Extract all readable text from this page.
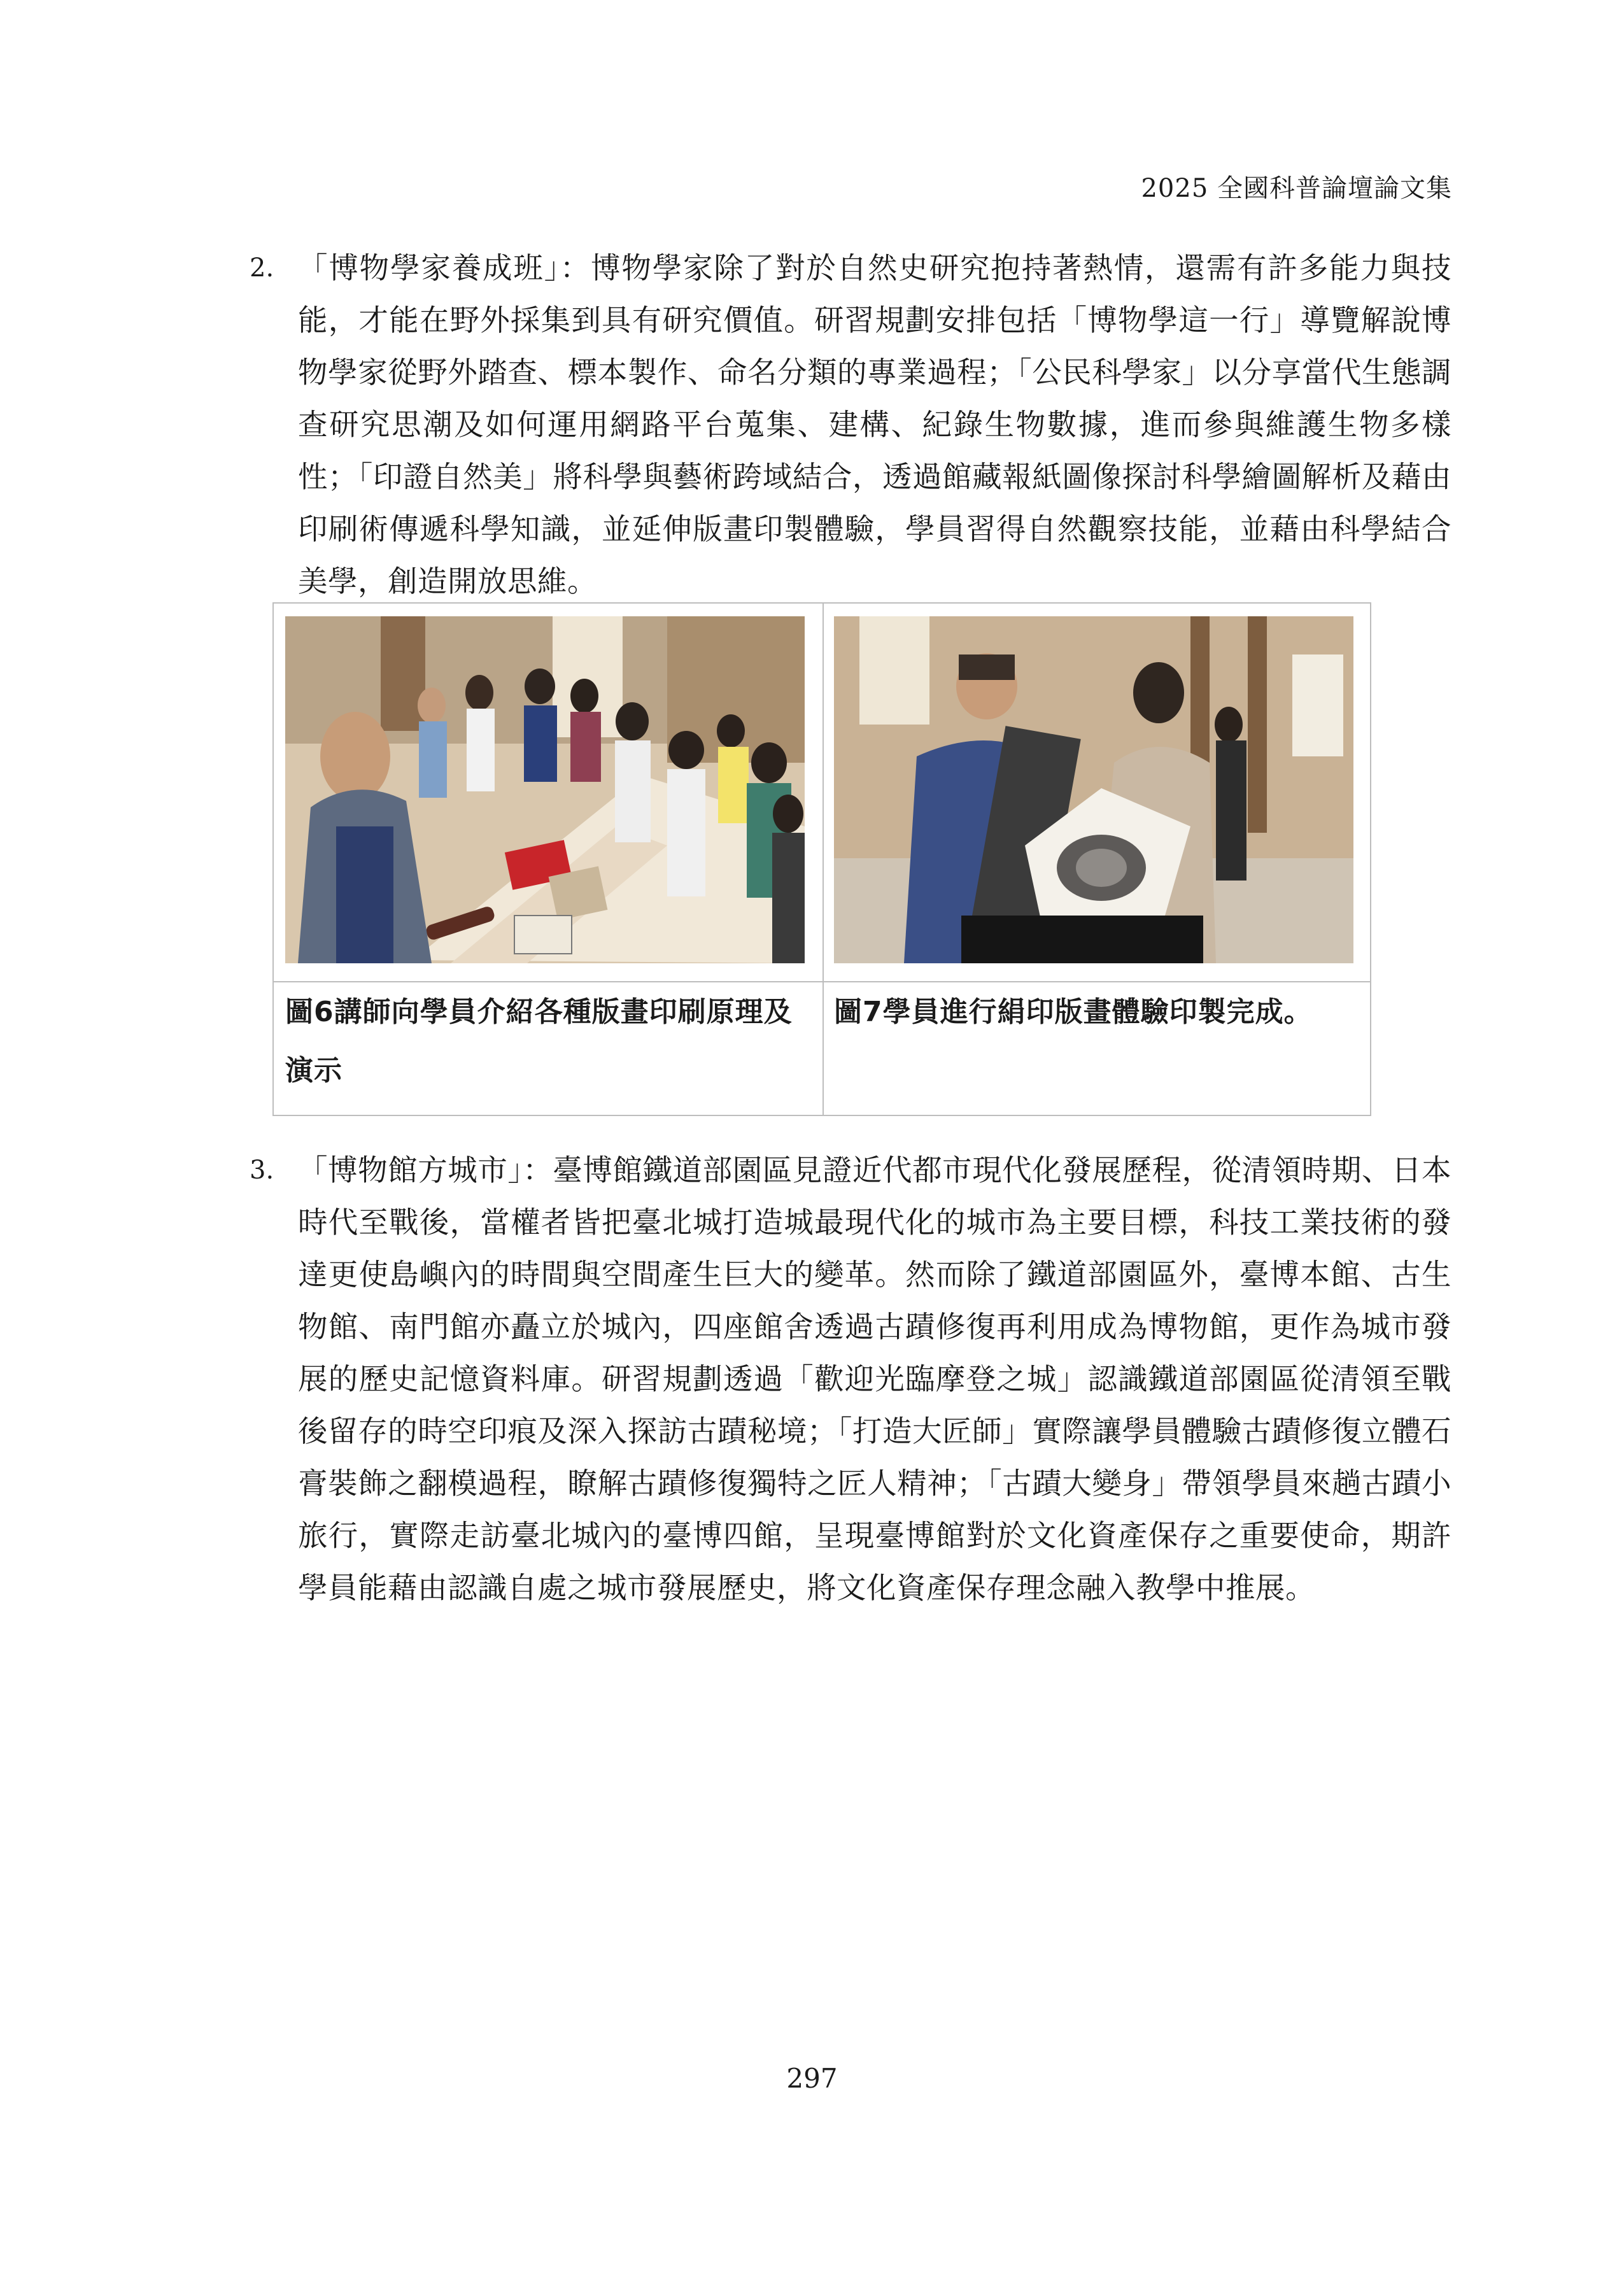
2025 全國科普論壇論文集
2. 「博物學家養成班」：博物學家除了對於自然史研究抱持著熱情，還需有許多能力與技能，才能在野外採集到具有研究價值。研習規劃安排包括「博物學這一行」導覽解說博物學家從野外踏查、標本製作、命名分類的專業過程；「公民科學家」以分享當代生態調查研究思潮及如何運用網路平台蒐集、建構、紀錄生物數據，進而參與維護生物多樣性；「印證自然美」將科學與藝術跨域結合，透過館藏報紙圖像探討科學繪圖解析及藉由印刷術傳遞科學知識，並延伸版畫印製體驗，學員習得自然觀察技能，並藉由科學結合美學，創造開放思維。
圖6講師向學員介紹各種版畫印刷原理及演示
圖7學員進行絹印版畫體驗印製完成。
3. 「博物館方城市」：臺博館鐵道部園區見證近代都市現代化發展歷程，從清領時期、日本時代至戰後，當權者皆把臺北城打造城最現代化的城市為主要目標，科技工業技術的發達更使島嶼內的時間與空間產生巨大的變革。然而除了鐵道部園區外，臺博本館、古生物館、南門館亦矗立於城內，四座館舍透過古蹟修復再利用成為博物館，更作為城市發展的歷史記憶資料庫。研習規劃透過「歡迎光臨摩登之城」認識鐵道部園區從清領至戰後留存的時空印痕及深入探訪古蹟秘境；「打造大匠師」實際讓學員體驗古蹟修復立體石膏裝飾之翻模過程，瞭解古蹟修復獨特之匠人精神；「古蹟大變身」帶領學員來趟古蹟小旅行，實際走訪臺北城內的臺博四館，呈現臺博館對於文化資產保存之重要使命，期許學員能藉由認識自處之城市發展歷史，將文化資產保存理念融入教學中推展。
297
